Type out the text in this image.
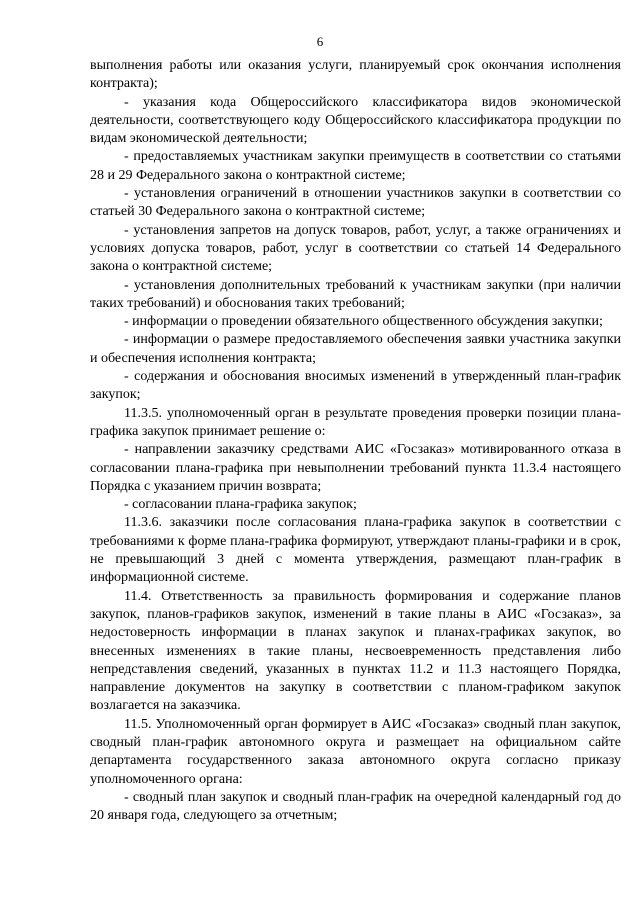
6

выполнения работы или оказания услуги, планируемый срок окончания исполнения контракта);

- указания кода Общероссийского классификатора видов экономической деятельности, соответствующего коду Общероссийского классификатора продукции по видам экономической деятельности;

- предоставляемых участникам закупки преимуществ в соответствии со статьями 28 и 29 Федерального закона о контрактной системе;

- установления ограничений в отношении участников закупки в соответствии со статьей 30 Федерального закона о контрактной системе;

- установления запретов на допуск товаров, работ, услуг, а также ограничениях и условиях допуска товаров, работ, услуг в соответствии со статьей 14 Федерального закона о контрактной системе;

- установления дополнительных требований к участникам закупки (при наличии таких требований) и обоснования таких требований;

- информации о проведении обязательного общественного обсуждения закупки;

- информации о размере предоставляемого обеспечения заявки участника закупки и обеспечения исполнения контракта;

- содержания и обоснования вносимых изменений в утвержденный план-график закупок;

11.3.5. уполномоченный орган в результате проведения проверки позиции плана-графика закупок принимает решение о:

- направлении заказчику средствами АИС «Госзаказ» мотивированного отказа в согласовании плана-графика при невыполнении требований пункта 11.3.4 настоящего Порядка с указанием причин возврата;

- согласовании плана-графика закупок;

11.3.6. заказчики после согласования плана-графика закупок в соответствии с требованиями к форме плана-графика формируют, утверждают планы-графики и в срок, не превышающий 3 дней с момента утверждения, размещают план-график в информационной системе.

11.4. Ответственность за правильность формирования и содержание планов закупок, планов-графиков закупок, изменений в такие планы в АИС «Госзаказ», за недостоверность информации в планах закупок и планах-графиках закупок, во внесенных изменениях в такие планы, несвоевременность представления либо непредставления сведений, указанных в пунктах 11.2 и 11.3 настоящего Порядка, направление документов на закупку в соответствии с планом-графиком закупок возлагается на заказчика.

11.5. Уполномоченный орган формирует в АИС «Госзаказ» сводный план закупок, сводный план-график автономного округа и размещает на официальном сайте департамента государственного заказа автономного округа согласно приказу уполномоченного органа:

- сводный план закупок и сводный план-график на очередной календарный год до 20 января года, следующего за отчетным;
